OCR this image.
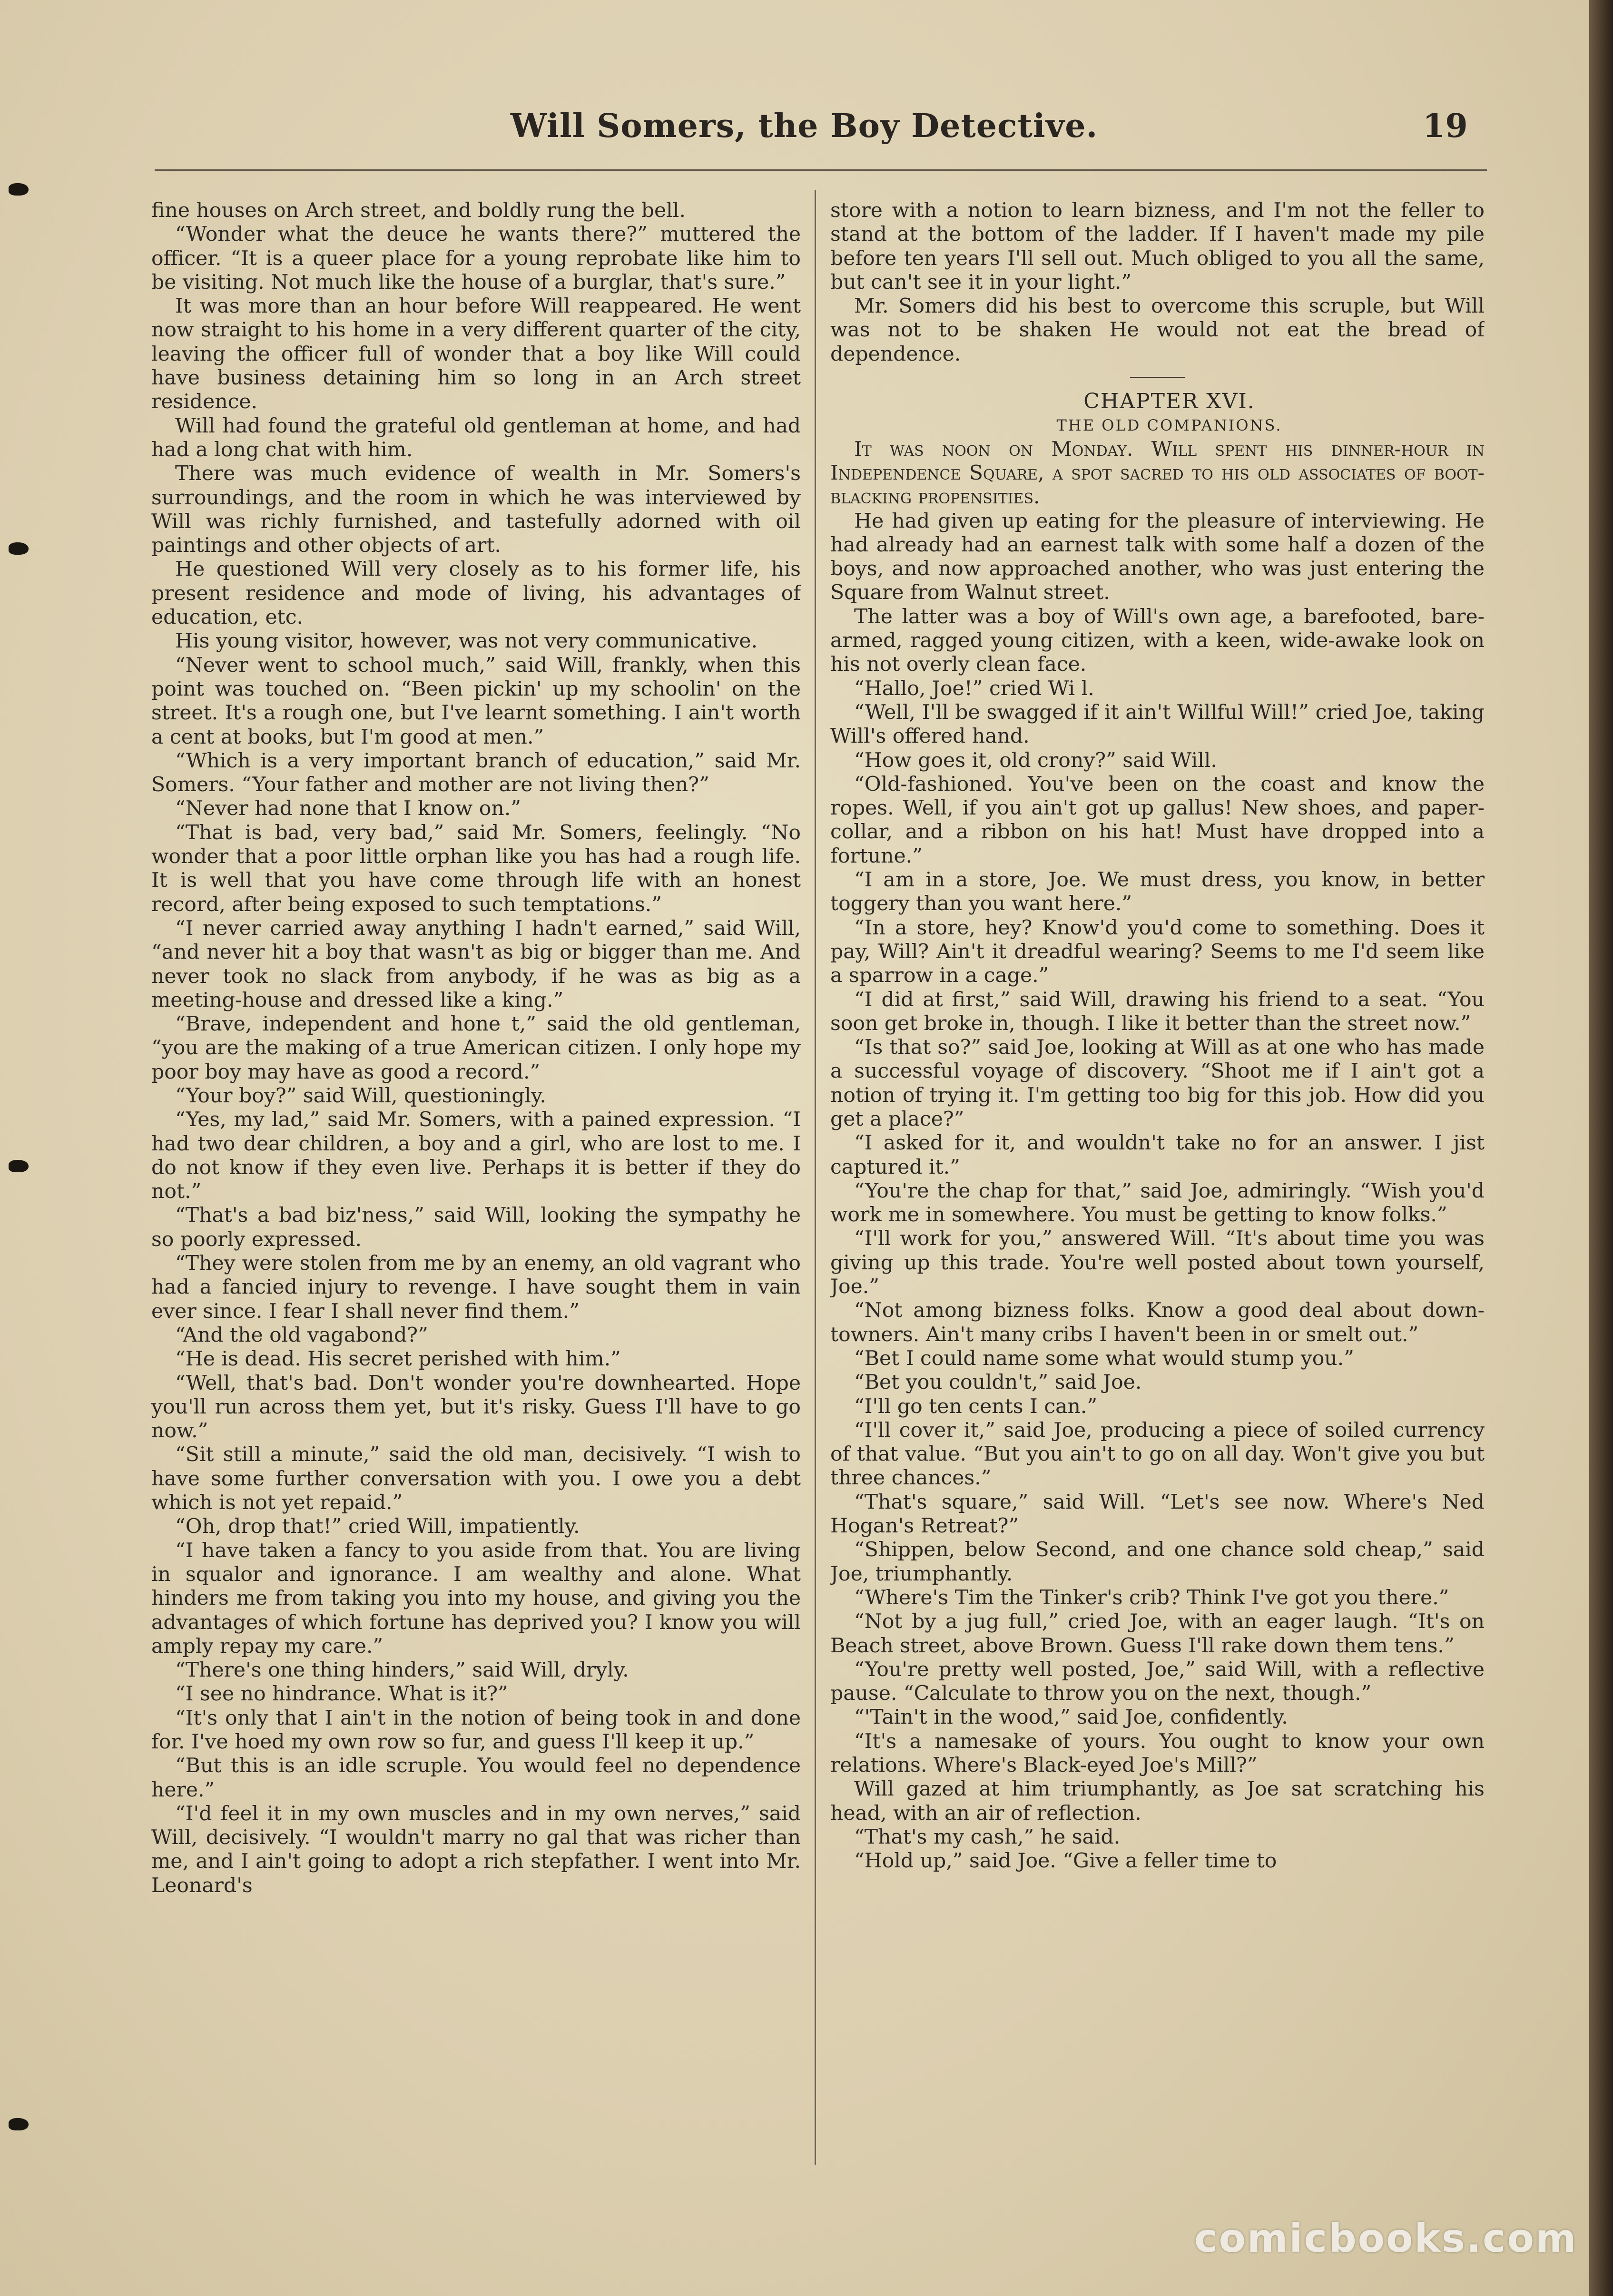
Will Somers, the Boy Detective.	19

fine houses on Arch street, and boldly rung the bell.

“Wonder what the deuce he wants there?” muttered the officer. “It is a queer place for a young reprobate like him to be visiting. Not much like the house of a burglar, that's sure.”

It was more than an hour before Will reappeared. He went now straight to his home in a very different quarter of the city, leaving the officer full of wonder that a boy like Will could have business detaining him so long in an Arch street residence.

Will had found the grateful old gentleman at home, and had had a long chat with him.

There was much evidence of wealth in Mr. Somers's surroundings, and the room in which he was interviewed by Will was richly furnished, and tastefully adorned with oil paintings and other objects of art.

He questioned Will very closely as to his former life, his present residence and mode of living, his advantages of education, etc.

His young visitor, however, was not very communicative.

“Never went to school much,” said Will, frankly, when this point was touched on. “Been pickin' up my schoolin' on the street. It's a rough one, but I've learnt something. I ain't worth a cent at books, but I'm good at men.”

“Which is a very important branch of education,” said Mr. Somers. “Your father and mother are not living then?”

“Never had none that I know on.”

“That is bad, very bad,” said Mr. Somers, feelingly. “No wonder that a poor little orphan like you has had a rough life. It is well that you have come through life with an honest record, after being exposed to such temptations.”

“I never carried away anything I hadn't earned,” said Will, “and never hit a boy that wasn't as big or bigger than me. And never took no slack from anybody, if he was as big as a meeting-house and dressed like a king.”

“Brave, independent and hone t,” said the old gentleman, “you are the making of a true American citizen. I only hope my poor boy may have as good a record.”

“Your boy?” said Will, questioningly.

“Yes, my lad,” said Mr. Somers, with a pained expression. “I had two dear children, a boy and a girl, who are lost to me. I do not know if they even live. Perhaps it is better if they do not.”

“That's a bad biz'ness,” said Will, looking the sympathy he so poorly expressed.

“They were stolen from me by an enemy, an old vagrant who had a fancied injury to revenge. I have sought them in vain ever since. I fear I shall never find them.”

“And the old vagabond?”

“He is dead. His secret perished with him.”

“Well, that's bad. Don't wonder you're downhearted. Hope you'll run across them yet, but it's risky. Guess I'll have to go now.”

“Sit still a minute,” said the old man, decisively. “I wish to have some further conversation with you. I owe you a debt which is not yet repaid.”

“Oh, drop that!” cried Will, impatiently.

“I have taken a fancy to you aside from that. You are living in squalor and ignorance. I am wealthy and alone. What hinders me from taking you into my house, and giving you the advantages of which fortune has deprived you? I know you will amply repay my care.”

“There's one thing hinders,” said Will, dryly.

“I see no hindrance. What is it?”

“It's only that I ain't in the notion of being took in and done for. I've hoed my own row so fur, and guess I'll keep it up.”

“But this is an idle scruple. You would feel no dependence here.”

“I'd feel it in my own muscles and in my own nerves,” said Will, decisively. “I wouldn't marry no gal that was richer than me, and I ain't going to adopt a rich stepfather. I went into Mr. Leonard's

store with a notion to learn bizness, and I'm not the feller to stand at the bottom of the ladder. If I haven't made my pile before ten years I'll sell out. Much obliged to you all the same, but can't see it in your light.”

Mr. Somers did his best to overcome this scruple, but Will was not to be shaken He would not eat the bread of dependence.

CHAPTER XVI.

THE OLD COMPANIONS.

It was noon on Monday. Will spent his dinner-hour in Independence Square, a spot sacred to his old associates of boot-blacking propensities.

He had given up eating for the pleasure of interviewing. He had already had an earnest talk with some half a dozen of the boys, and now approached another, who was just entering the Square from Walnut street.

The latter was a boy of Will's own age, a barefooted, bare-armed, ragged young citizen, with a keen, wide-awake look on his not overly clean face.

“Hallo, Joe!” cried Wi l.

“Well, I'll be swagged if it ain't Willful Will!” cried Joe, taking Will's offered hand.

“How goes it, old crony?” said Will.

“Old-fashioned. You've been on the coast and know the ropes. Well, if you ain't got up gallus! New shoes, and paper-collar, and a ribbon on his hat! Must have dropped into a fortune.”

“I am in a store, Joe. We must dress, you know, in better toggery than you want here.”

“In a store, hey? Know'd you'd come to something. Does it pay, Will? Ain't it dreadful wearing? Seems to me I'd seem like a sparrow in a cage.”

“I did at first,” said Will, drawing his friend to a seat. “You soon get broke in, though. I like it better than the street now.”

“Is that so?” said Joe, looking at Will as at one who has made a successful voyage of discovery. “Shoot me if I ain't got a notion of trying it. I'm getting too big for this job. How did you get a place?”

“I asked for it, and wouldn't take no for an answer. I jist captured it.”

“You're the chap for that,” said Joe, admiringly. “Wish you'd work me in somewhere. You must be getting to know folks.”

“I'll work for you,” answered Will. “It's about time you was giving up this trade. You're well posted about town yourself, Joe.”

“Not among bizness folks. Know a good deal about down-towners. Ain't many cribs I haven't been in or smelt out.”

“Bet I could name some what would stump you.”

“Bet you couldn't,” said Joe.

“I'll go ten cents I can.”

“I'll cover it,” said Joe, producing a piece of soiled currency of that value. “But you ain't to go on all day. Won't give you but three chances.”

“That's square,” said Will. “Let's see now. Where's Ned Hogan's Retreat?”

“Shippen, below Second, and one chance sold cheap,” said Joe, triumphantly.

“Where's Tim the Tinker's crib? Think I've got you there.”

“Not by a jug full,” cried Joe, with an eager laugh. “It's on Beach street, above Brown. Guess I'll rake down them tens.”

“You're pretty well posted, Joe,” said Will, with a reflective pause. “Calculate to throw you on the next, though.”

“'Tain't in the wood,” said Joe, confidently.

“It's a namesake of yours. You ought to know your own relations. Where's Black-eyed Joe's Mill?”

Will gazed at him triumphantly, as Joe sat scratching his head, with an air of reflection.

“That's my cash,” he said.

“Hold up,” said Joe. “Give a feller time to

comicbooks.com
